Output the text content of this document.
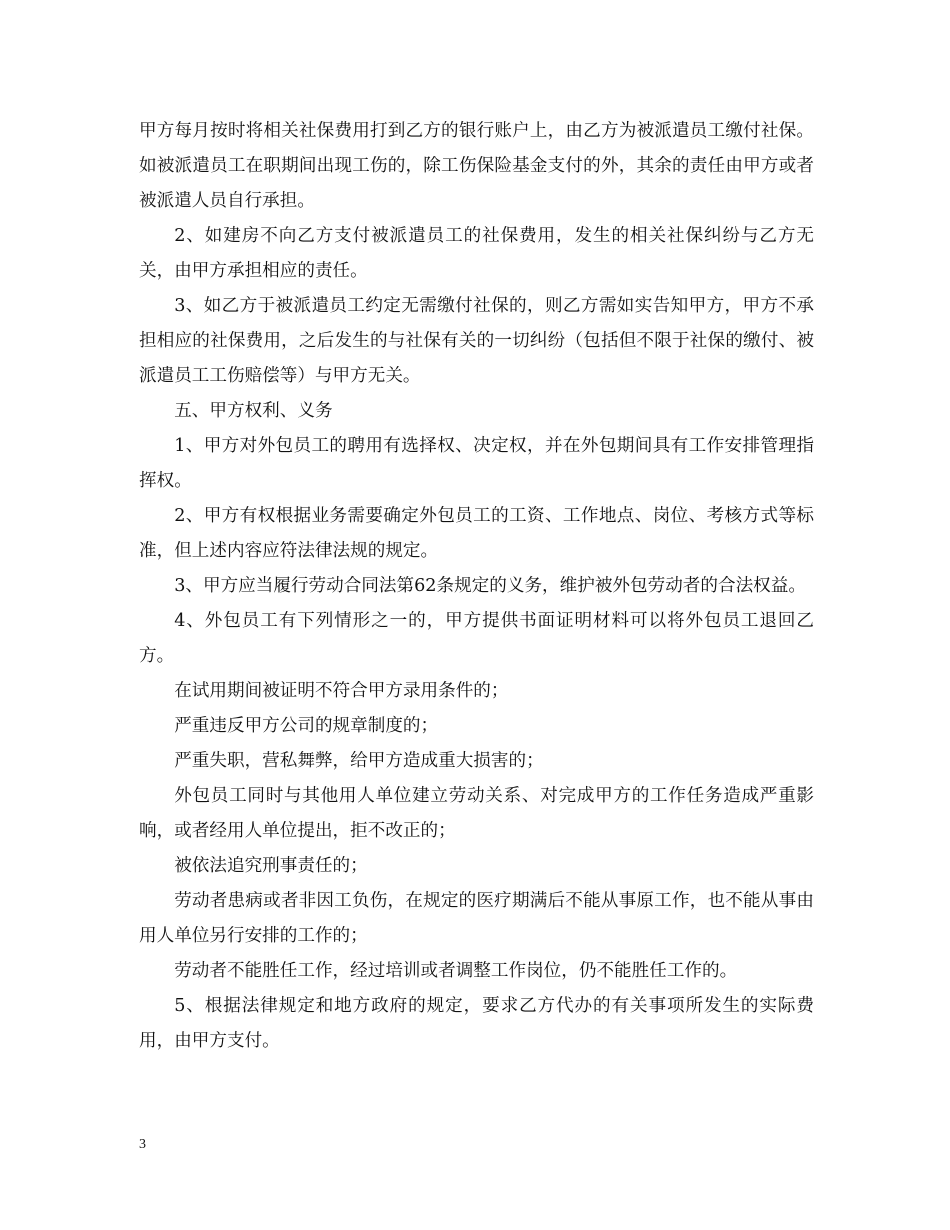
甲方每月按时将相关社保费用打到乙方的银行账户上，由乙方为被派遣员工缴付社保。如被派遣员工在职期间出现工伤的，除工伤保险基金支付的外，其余的责任由甲方或者被派遣人员自行承担。

2、如建房不向乙方支付被派遣员工的社保费用，发生的相关社保纠纷与乙方无关，由甲方承担相应的责任。

3、如乙方于被派遣员工约定无需缴付社保的，则乙方需如实告知甲方，甲方不承担相应的社保费用，之后发生的与社保有关的一切纠纷（包括但不限于社保的缴付、被派遣员工工伤赔偿等）与甲方无关。

五、甲方权利、义务

1、甲方对外包员工的聘用有选择权、决定权，并在外包期间具有工作安排管理指挥权。

2、甲方有权根据业务需要确定外包员工的工资、工作地点、岗位、考核方式等标准，但上述内容应符法律法规的规定。

3、甲方应当履行劳动合同法第62条规定的义务，维护被外包劳动者的合法权益。

4、外包员工有下列情形之一的，甲方提供书面证明材料可以将外包员工退回乙方。

在试用期间被证明不符合甲方录用条件的；

严重违反甲方公司的规章制度的；

严重失职，营私舞弊，给甲方造成重大损害的；

外包员工同时与其他用人单位建立劳动关系、对完成甲方的工作任务造成严重影响，或者经用人单位提出，拒不改正的；

被依法追究刑事责任的；

劳动者患病或者非因工负伤，在规定的医疗期满后不能从事原工作，也不能从事由用人单位另行安排的工作的；

劳动者不能胜任工作，经过培训或者调整工作岗位，仍不能胜任工作的。

5、根据法律规定和地方政府的规定，要求乙方代办的有关事项所发生的实际费用，由甲方支付。

3
